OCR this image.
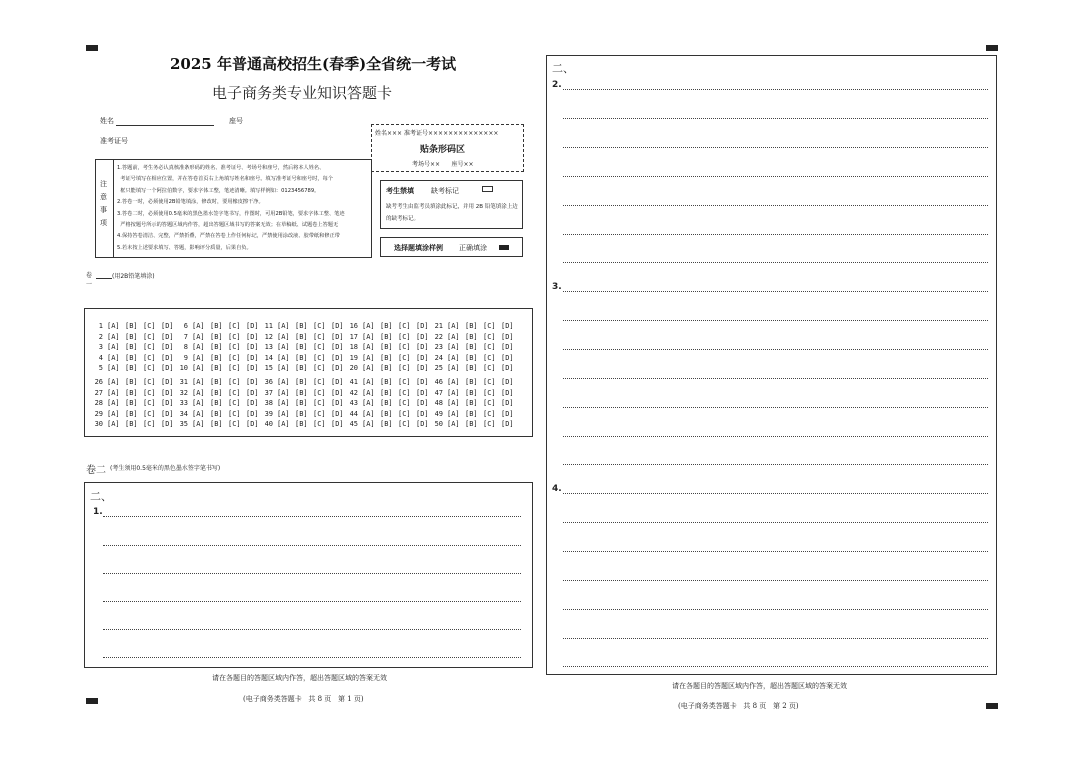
2025 年普通高校招生(春季)全省统一考试
电子商务类专业知识答题卡
姓名	座号
准考证号
姓名××× 准考证号××××××××××××××
贴条形码区
考场号××      座号××
注意事项
1.答题前，考生务必认真核准条形码的姓名、准考证号、考场号和座号，然后将本人姓名、
考证号填写在相应位置，并在答卷首页右上角填写姓名和座号。填写准考证号和座号时，每个
框只能填写一个阿拉伯数字，要求字体工整，笔迹清晰。填写样例如：0123456789。
2.答卷一时，必须使用2B铅笔填涂，修改时，要用橡皮擦干净。
3.答卷二时，必须使用0.5毫米的黑色墨水签字笔书写，作图时，可用2B铅笔，要求字体工整、笔迹
严格按题号所示的答题区域内作答，超出答题区域书写的答案无效；在草稿纸、试题卷上答题无
4.保持答卷清洁、完整，严禁折叠，严禁在答卷上作任何标记，严禁使用涂改液、胶带纸和修正带
5.若未按上述要求填写、答题，影响评分质量，后果自负。
考生禁填 缺考标记
缺考考生由监考员填涂此标记，并用 2B 铅笔填涂上边的缺考标记。
选择题填涂样例 正确填涂
卷一
(用2B铅笔填涂)
1 [A] [B] [C] [D] 6 [A] [B] [C] [D] 11 [A] [B] [C] [D] 16 [A] [B] [C] [D] 21 [A] [B] [C] [D]
2 [A] [B] [C] [D] 7 [A] [B] [C] [D] 12 [A] [B] [C] [D] 17 [A] [B] [C] [D] 22 [A] [B] [C] [D]
3 [A] [B] [C] [D] 8 [A] [B] [C] [D] 13 [A] [B] [C] [D] 18 [A] [B] [C] [D] 23 [A] [B] [C] [D]
4 [A] [B] [C] [D] 9 [A] [B] [C] [D] 14 [A] [B] [C] [D] 19 [A] [B] [C] [D] 24 [A] [B] [C] [D]
5 [A] [B] [C] [D] 10 [A] [B] [C] [D] 15 [A] [B] [C] [D] 20 [A] [B] [C] [D] 25 [A] [B] [C] [D]
26 [A] [B] [C] [D] 31 [A] [B] [C] [D] 36 [A] [B] [C] [D] 41 [A] [B] [C] [D] 46 [A] [B] [C] [D]
27 [A] [B] [C] [D] 32 [A] [B] [C] [D] 37 [A] [B] [C] [D] 42 [A] [B] [C] [D] 47 [A] [B] [C] [D]
28 [A] [B] [C] [D] 33 [A] [B] [C] [D] 38 [A] [B] [C] [D] 43 [A] [B] [C] [D] 48 [A] [B] [C] [D]
29 [A] [B] [C] [D] 34 [A] [B] [C] [D] 39 [A] [B] [C] [D] 44 [A] [B] [C] [D] 49 [A] [B] [C] [D]
30 [A] [B] [C] [D] 35 [A] [B] [C] [D] 40 [A] [B] [C] [D] 45 [A] [B] [C] [D] 50 [A] [B] [C] [D]
卷二 (考生须用0.5毫米的黑色墨水签字笔书写)
二、
1.
请在各题目的答题区域内作答，超出答题区域的答案无效
(电子商务类答题卡   共 8 页   第 1 页)
二、
2.
3.
4.
请在各题目的答题区域内作答，超出答题区域的答案无效
(电子商务类答题卡   共 8 页   第 2 页)
